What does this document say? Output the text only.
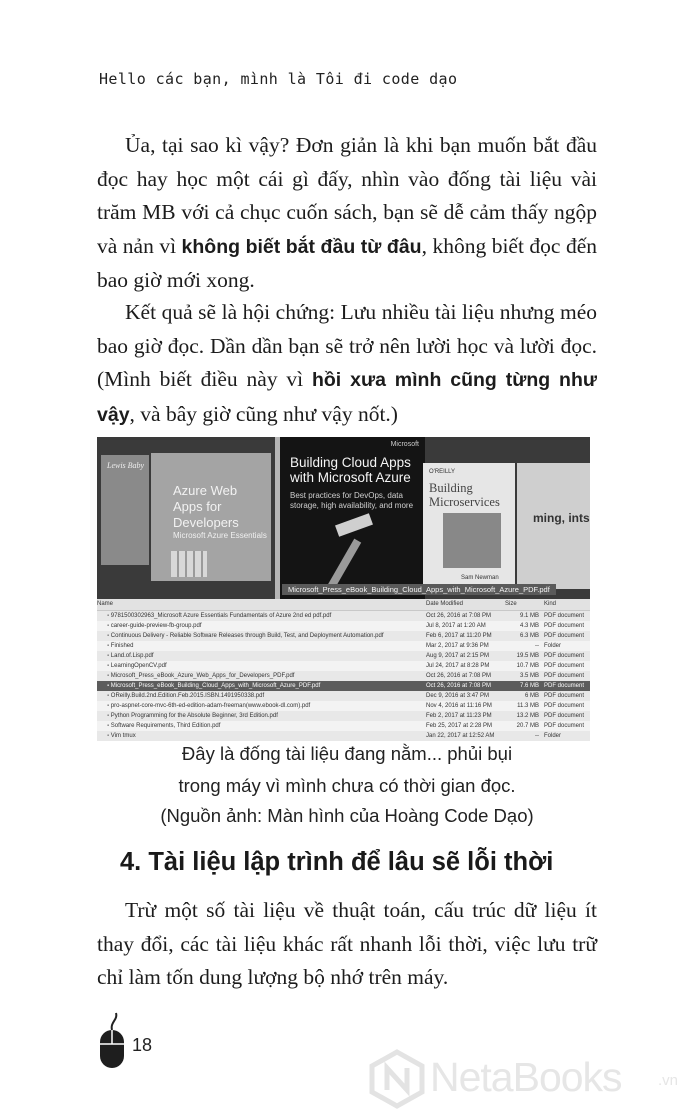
Hello các bạn, mình là Tôi đi code dạo

Ủa, tại sao kì vậy? Đơn giản là khi bạn muốn bắt đầu đọc hay học một cái gì đấy, nhìn vào đống tài liệu vài trăm MB với cả chục cuốn sách, bạn sẽ dễ cảm thấy ngộp và nản vì không biết bắt đầu từ đâu, không biết đọc đến bao giờ mới xong.

Kết quả sẽ là hội chứng: Lưu nhiều tài liệu nhưng méo bao giờ đọc. Dần dần bạn sẽ trở nên lười học và lười đọc. (Mình biết điều này vì hồi xưa mình cũng từng như vậy, và bây giờ cũng như vậy nốt.)

Lewis Baby
Azure Web Apps for Developers
Microsoft Azure Essentials
Microsoft
Building Cloud Apps with Microsoft Azure
Best practices for DevOps, data storage, high availability, and more
O'REILLY
Building Microservices
Sam Newman
ming, ints
Microsoft_Press_eBook_Building_Cloud_Apps_with_Microsoft_Azure_PDF.pdf
Name	Date Modified	Size	Kind
▪ 9781500302963_Microsoft Azure Essentials Fundamentals of Azure 2nd ed pdf.pdf	Oct 26, 2016 at 7:08 PM	9.1 MB PDF document
▪ career-guide-preview-fb-group.pdf	Jul 8, 2017 at 1:20 AM	4.3 MB PDF document
▪ Continuous Delivery - Reliable Software Releases through Build, Test, and Deployment Automation.pdf	Feb 6, 2017 at 11:20 PM	6.3 MB PDF document
▪ Finished	Mar 2, 2017 at 9:36 PM	-- Folder
▪ Land.of.Lisp.pdf	Aug 9, 2017 at 2:15 PM	19.5 MB PDF document
▪ LearningOpenCV.pdf	Jul 24, 2017 at 8:28 PM	10.7 MB PDF document
▪ Microsoft_Press_eBook_Azure_Web_Apps_for_Developers_PDF.pdf	Oct 26, 2016 at 7:08 PM	3.5 MB PDF document
▪ Microsoft_Press_eBook_Building_Cloud_Apps_with_Microsoft_Azure_PDF.pdf	Oct 26, 2016 at 7:08 PM	7.6 MB PDF document
▪ OReilly.Build.2nd.Edition.Feb.2015.ISBN.1491950338.pdf	Dec 9, 2016 at 3:47 PM	6 MB PDF document
▪ pro-aspnet-core-mvc-6th-ed-edition-adam-freeman(www.ebook-dl.com).pdf	Nov 4, 2016 at 11:16 PM	11.3 MB PDF document
▪ Python Programming for the Absolute Beginner, 3rd Edition.pdf	Feb 2, 2017 at 11:23 PM	13.2 MB PDF document
▪ Software Requirements, Third Edition.pdf	Feb 25, 2017 at 2:28 PM	20.7 MB PDF document
▪ Vim tmux	Jan 22, 2017 at 12:52 AM	-- Folder

Đây là đống tài liệu đang nằm... phủi bụi

trong máy vì mình chưa có thời gian đọc.

(Nguồn ảnh: Màn hình của Hoàng Code Dạo)

4. Tài liệu lập trình để lâu sẽ lỗi thời

Trừ một số tài liệu về thuật toán, cấu trúc dữ liệu ít thay đổi, các tài liệu khác rất nhanh lỗi thời, việc lưu trữ chỉ làm tốn dung lượng bộ nhớ trên máy.

18
NetaBooks .vn
